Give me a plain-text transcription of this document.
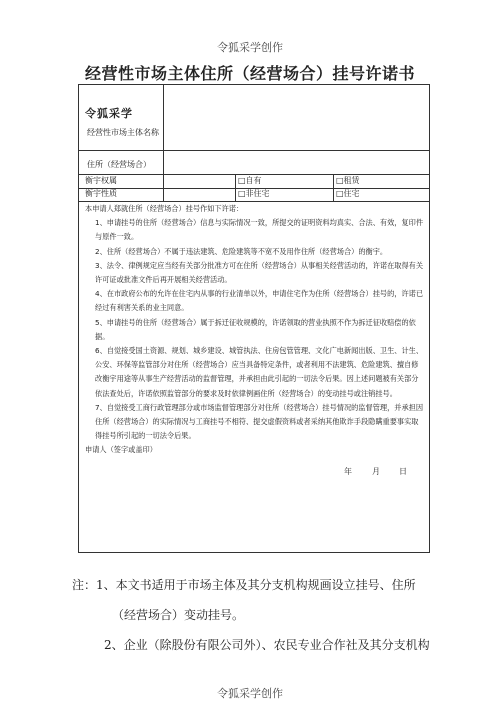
令狐采学创作
经营性市场主体住所（经营场合）挂号许诺书
令狐采学
经营性市场主体名称
住所（经营场合）
衡宇权属	□自有	□租赁
衡宇性质	□非住宅	□住宅

本申请人郑就住所（经营场合）挂号作如下许诺：

1、申请挂号的住所（经营场合）信息与实际情况一致，所提交的证明资料均真实、合法、有效，复印件与原件一致。

2、住所（经营场合）不属于违法建筑、危险建筑等不宽不及用作住所（经营场合）的衡宇。

3、法令、律例规定应当经有关部分批准方可在住所（经营场合）从事相关经营活动的，许诺在取得有关许可证或批准文件后再开展相关经营活动。

4、在市政府公布的允许在住宅内从事的行业清单以外，申请住宅作为住所（经营场合）挂号的，许诺已经过有利害关系的业主同意。

5、申请挂号的住所（经营场合）属于拆迁征收规模的，许诺领取的营业执照不作为拆迁征收赔偿的依据。

6、自觉接受国土资源、规划、城乡建设、城管执法、住房包管管理、文化广电新闻出版、卫生、计生、公安、环保等监管部分对住所（经营场合）应当具备特定条件，或者利用不法建筑、危险建筑、擅自修改衡宇用途等从事生产经营活动的监督管理，并承担由此引起的一切法令后果。因上述问题被有关部分依法查处后，许诺依照监管部分的要求及时依律例画住所（经营场合）的变动挂号或注销挂号。

7、自觉接受工商行政管理部分或市场监督管理部分对住所（经营场合）挂号情况的监督管理，并承担因住所（经营场合）的实际情况与工商挂号不相符、提交虚假资料或者采纳其他欺诈手段隐瞒重要事实取得挂号所引起的一切法令后果。

申请人（签字或盖印）

年	月 日

注：1、本文书适用于市场主体及其分支机构规画设立挂号、住所

（经营场合）变动挂号。

2、企业（除股份有限公司外）、农民专业合作社及其分支机构

令狐采学创作
